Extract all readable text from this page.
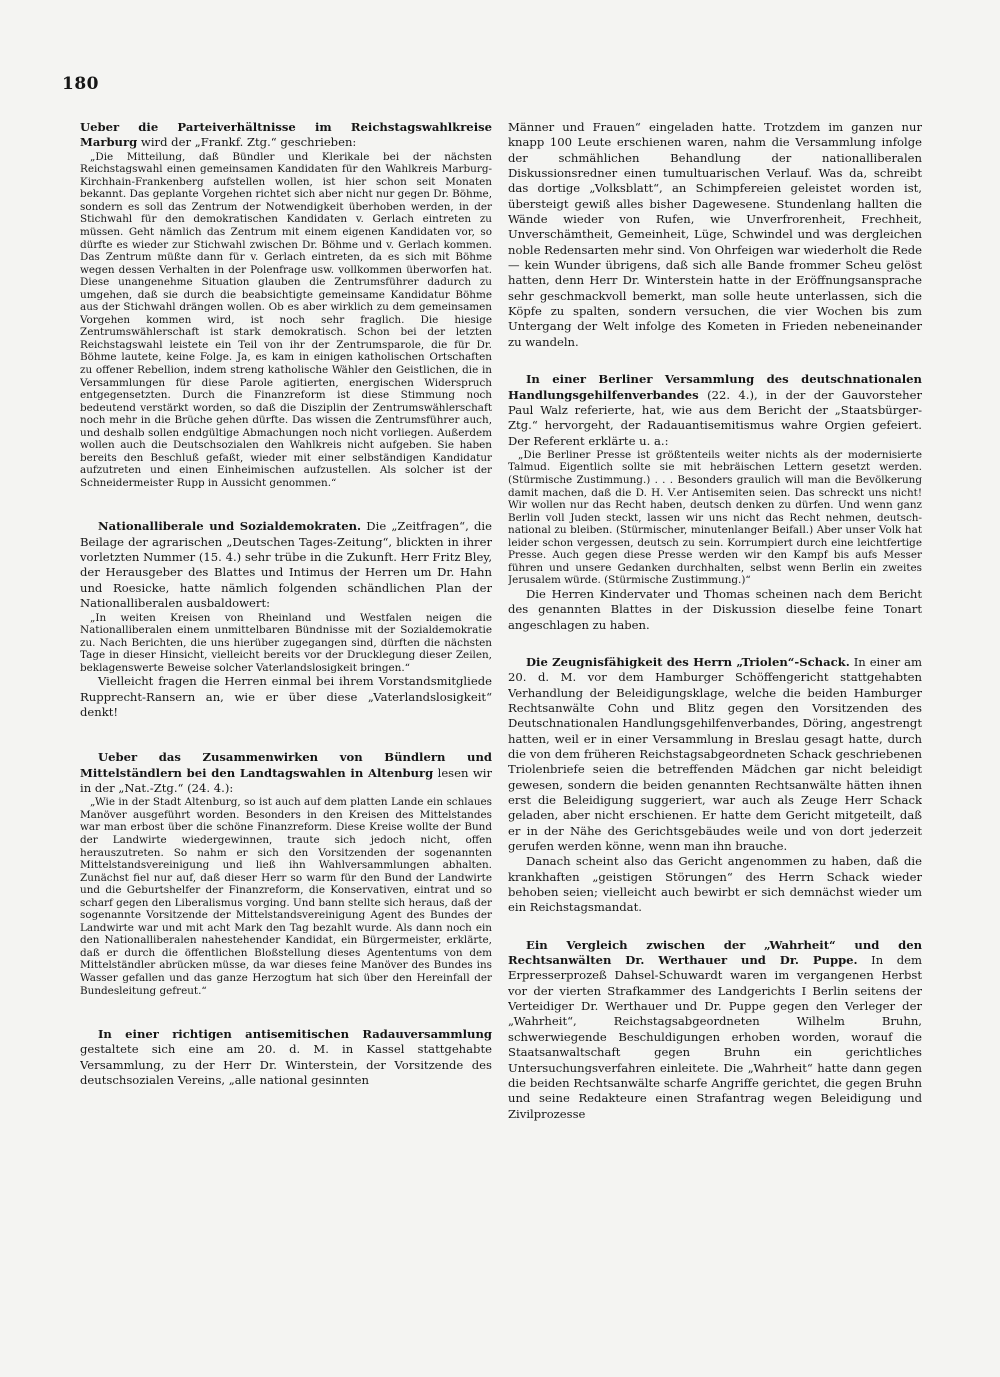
180

Ueber die Parteiverhältnisse im Reichstagswahlkreise Marburg wird der „Frankf. Ztg.“ geschrieben:

„Die Mitteilung, daß Bündler und Klerikale bei der nächsten Reichstagswahl einen gemeinsamen Kandidaten für den Wahlkreis Marburg-Kirchhain-Frankenberg aufstellen wollen, ist hier schon seit Monaten bekannt. Das geplante Vorgehen richtet sich aber nicht nur gegen Dr. Böhme, sondern es soll das Zentrum der Notwendigkeit überhoben werden, in der Stichwahl für den demokratischen Kandidaten v. Gerlach eintreten zu müssen. Geht nämlich das Zentrum mit einem eigenen Kandidaten vor, so dürfte es wieder zur Stichwahl zwischen Dr. Böhme und v. Gerlach kommen. Das Zentrum müßte dann für v. Gerlach eintreten, da es sich mit Böhme wegen dessen Verhalten in der Polenfrage usw. vollkommen überworfen hat. Diese unangenehme Situation glauben die Zentrumsführer dadurch zu umgehen, daß sie durch die beabsichtigte gemeinsame Kandidatur Böhme aus der Stichwahl drängen wollen. Ob es aber wirklich zu dem gemeinsamen Vorgehen kommen wird, ist noch sehr fraglich. Die hiesige Zentrumswählerschaft ist stark demokratisch. Schon bei der letzten Reichstagswahl leistete ein Teil von ihr der Zentrumsparole, die für Dr. Böhme lautete, keine Folge. Ja, es kam in einigen katholischen Ortschaften zu offener Rebellion, indem streng katholische Wähler den Geistlichen, die in Versammlungen für diese Parole agitierten, energischen Widerspruch entgegensetzten. Durch die Finanzreform ist diese Stimmung noch bedeutend verstärkt worden, so daß die Disziplin der Zentrumswählerschaft noch mehr in die Brüche gehen dürfte. Das wissen die Zentrumsführer auch, und deshalb sollen endgültige Abmachungen noch nicht vorliegen. Außerdem wollen auch die Deutschsozialen den Wahlkreis nicht aufgeben. Sie haben bereits den Beschluß gefaßt, wieder mit einer selbständigen Kandidatur aufzutreten und einen Einheimischen aufzustellen. Als solcher ist der Schneidermeister Rupp in Aussicht genommen.“

Nationalliberale und Sozialdemokraten. Die „Zeitfragen“, die Beilage der agrarischen „Deutschen Tages-Zeitung“, blickten in ihrer vorletzten Nummer (15. 4.) sehr trübe in die Zukunft. Herr Fritz Bley, der Herausgeber des Blattes und Intimus der Herren um Dr. Hahn und Roesicke, hatte nämlich folgenden schändlichen Plan der Nationalliberalen ausbaldowert:

„In weiten Kreisen von Rheinland und Westfalen neigen die Nationalliberalen einem unmittelbaren Bündnisse mit der Sozialdemokratie zu. Nach Berichten, die uns hierüber zugegangen sind, dürften die nächsten Tage in dieser Hinsicht, vielleicht bereits vor der Drucklegung dieser Zeilen, beklagenswerte Beweise solcher Vaterlandslosigkeit bringen.“

Vielleicht fragen die Herren einmal bei ihrem Vorstandsmitgliede Rupprecht-Ransern an, wie er über diese „Vaterlandslosigkeit“ denkt!

Ueber das Zusammenwirken von Bündlern und Mittelständlern bei den Landtagswahlen in Altenburg lesen wir in der „Nat.-Ztg.“ (24. 4.):

„Wie in der Stadt Altenburg, so ist auch auf dem platten Lande ein schlaues Manöver ausgeführt worden. Besonders in den Kreisen des Mittelstandes war man erbost über die schöne Finanzreform. Diese Kreise wollte der Bund der Landwirte wiedergewinnen, traute sich jedoch nicht, offen herauszutreten. So nahm er sich den Vorsitzenden der sogenannten Mittelstandsvereinigung und ließ ihn Wahlversammlungen abhalten. Zunächst fiel nur auf, daß dieser Herr so warm für den Bund der Landwirte und die Geburtshelfer der Finanzreform, die Konservativen, eintrat und so scharf gegen den Liberalismus vorging. Und bann stellte sich heraus, daß der sogenannte Vorsitzende der Mittelstandsvereinigung Agent des Bundes der Landwirte war und mit acht Mark den Tag bezahlt wurde. Als dann noch ein den Nationalliberalen nahestehender Kandidat, ein Bürgermeister, erklärte, daß er durch die öffentlichen Bloßstellung dieses Agententums von dem Mittelständler abrücken müsse, da war dieses feine Manöver des Bundes ins Wasser gefallen und das ganze Herzogtum hat sich über den Hereinfall der Bundesleitung gefreut.“

In einer richtigen antisemitischen Radauversammlung gestaltete sich eine am 20. d. M. in Kassel stattgehabte Versammlung, zu der Herr Dr. Winterstein, der Vorsitzende des deutschsozialen Vereins, „alle national gesinnten

Männer und Frauen“ eingeladen hatte. Trotzdem im ganzen nur knapp 100 Leute erschienen waren, nahm die Versammlung infolge der schmählichen Behandlung der nationalliberalen Diskussionsredner einen tumultuarischen Verlauf. Was da, schreibt das dortige „Volksblatt“, an Schimpfereien geleistet worden ist, übersteigt gewiß alles bisher Dagewesene. Stundenlang hallten die Wände wieder von Rufen, wie Unverfrorenheit, Frechheit, Unverschämtheit, Gemeinheit, Lüge, Schwindel und was dergleichen noble Redensarten mehr sind. Von Ohrfeigen war wiederholt die Rede — kein Wunder übrigens, daß sich alle Bande frommer Scheu gelöst hatten, denn Herr Dr. Winterstein hatte in der Eröffnungsansprache sehr geschmackvoll bemerkt, man solle heute unterlassen, sich die Köpfe zu spalten, sondern versuchen, die vier Wochen bis zum Untergang der Welt infolge des Kometen in Frieden nebeneinander zu wandeln.

In einer Berliner Versammlung des deutschnationalen Handlungsgehilfenverbandes (22. 4.), in der der Gauvorsteher Paul Walz referierte, hat, wie aus dem Bericht der „Staatsbürger-Ztg.“ hervorgeht, der Radauantisemitismus wahre Orgien gefeiert. Der Referent erklärte u. a.:

„Die Berliner Presse ist größtenteils weiter nichts als der modernisierte Talmud. Eigentlich sollte sie mit hebräischen Lettern gesetzt werden. (Stürmische Zustimmung.) . . . Besonders graulich will man die Bevölkerung damit machen, daß die D. H. V.er Antisemiten seien. Das schreckt uns nicht! Wir wollen nur das Recht haben, deutsch denken zu dürfen. Und wenn ganz Berlin voll Juden steckt, lassen wir uns nicht das Recht nehmen, deutsch-national zu bleiben. (Stürmischer, minutenlanger Beifall.) Aber unser Volk hat leider schon vergessen, deutsch zu sein. Korrumpiert durch eine leichtfertige Presse. Auch gegen diese Presse werden wir den Kampf bis aufs Messer führen und unsere Gedanken durchhalten, selbst wenn Berlin ein zweites Jerusalem würde. (Stürmische Zustimmung.)“

Die Herren Kindervater und Thomas scheinen nach dem Bericht des genannten Blattes in der Diskussion dieselbe feine Tonart angeschlagen zu haben.

Die Zeugnisfähigkeit des Herrn „Triolen“-Schack. In einer am 20. d. M. vor dem Hamburger Schöffengericht stattgehabten Verhandlung der Beleidigungsklage, welche die beiden Hamburger Rechtsanwälte Cohn und Blitz gegen den Vorsitzenden des Deutschnationalen Handlungsgehilfenverbandes, Döring, angestrengt hatten, weil er in einer Versammlung in Breslau gesagt hatte, durch die von dem früheren Reichstagsabgeordneten Schack geschriebenen Triolenbriefe seien die betreffenden Mädchen gar nicht beleidigt gewesen, sondern die beiden genannten Rechtsanwälte hätten ihnen erst die Beleidigung suggeriert, war auch als Zeuge Herr Schack geladen, aber nicht erschienen. Er hatte dem Gericht mitgeteilt, daß er in der Nähe des Gerichtsgebäudes weile und von dort jederzeit gerufen werden könne, wenn man ihn brauche.

Danach scheint also das Gericht angenommen zu haben, daß die krankhaften „geistigen Störungen“ des Herrn Schack wieder behoben seien; vielleicht auch bewirbt er sich demnächst wieder um ein Reichstagsmandat.

Ein Vergleich zwischen der „Wahrheit“ und den Rechtsanwälten Dr. Werthauer und Dr. Puppe. In dem Erpresserprozeß Dahsel-Schuwardt waren im vergangenen Herbst vor der vierten Strafkammer des Landgerichts I Berlin seitens der Verteidiger Dr. Werthauer und Dr. Puppe gegen den Verleger der „Wahrheit“, Reichstagsabgeordneten Wilhelm Bruhn, schwerwiegende Beschuldigungen erhoben worden, worauf die Staatsanwaltschaft gegen Bruhn ein gerichtliches Untersuchungsverfahren einleitete. Die „Wahrheit“ hatte dann gegen die beiden Rechtsanwälte scharfe Angriffe gerichtet, die gegen Bruhn und seine Redakteure einen Strafantrag wegen Beleidigung und Zivilprozesse
